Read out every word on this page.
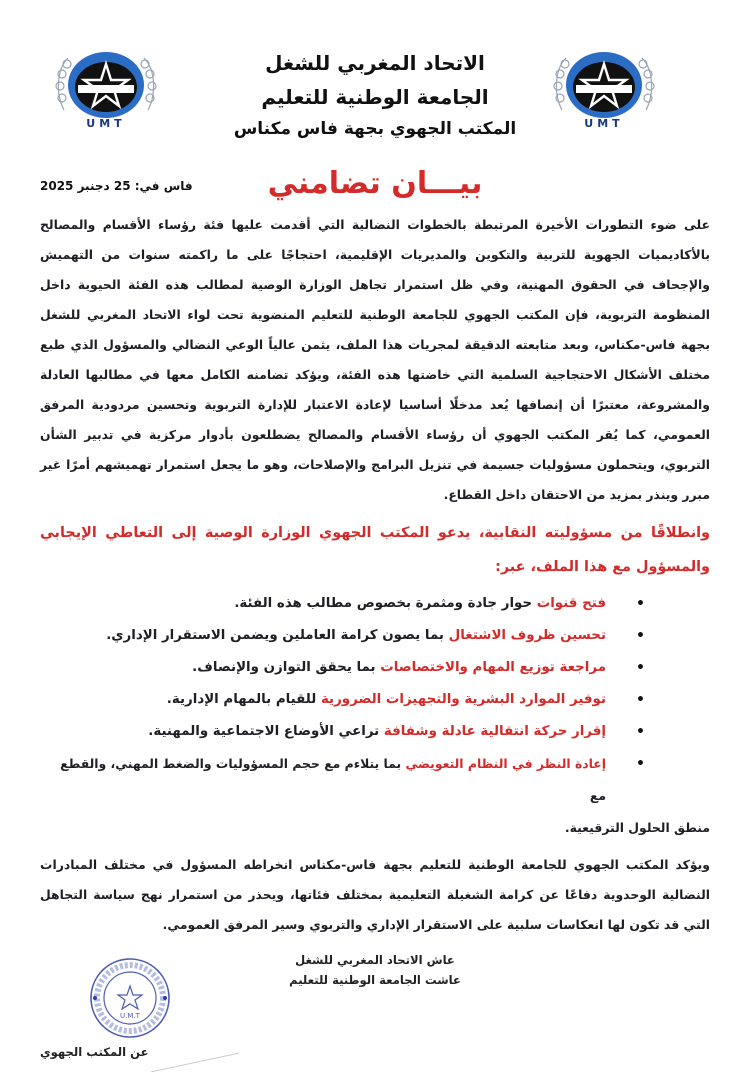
UMT	UMT
الاتحاد المغربي للشغل
الجامعة الوطنية للتعليم
المكتب الجهوي بجهة فاس مكناس
بيـــان تضامني
فاس في: 25 دجنبر 2025

على ضوء التطورات الأخيرة المرتبطة بالخطوات النضالية التي أقدمت عليها فئة رؤساء الأقسام والمصالح بالأكاديميات الجهوية للتربية والتكوين والمديريات الإقليمية، احتجاجًا على ما راكمته سنوات من التهميش والإجحاف في الحقوق المهنية، وفي ظل استمرار تجاهل الوزارة الوصية لمطالب هذه الفئة الحيوية داخل المنظومة التربوية، فإن المكتب الجهوي للجامعة الوطنية للتعليم المنضوية تحت لواء الاتحاد المغربي للشغل بجهة فاس-مكناس، وبعد متابعته الدقيقة لمجريات هذا الملف، يثمن عالياً الوعي النضالي والمسؤول الذي طبع مختلف الأشكال الاحتجاجية السلمية التي خاضتها هذه الفئة، ويؤكد تضامنه الكامل معها في مطالبها العادلة والمشروعة، معتبرًا أن إنصافها يُعد مدخلًا أساسيا لإعادة الاعتبار للإدارة التربوية وتحسين مردودية المرفق العمومي، كما يُقر المكتب الجهوي أن رؤساء الأقسام والمصالح يضطلعون بأدوار مركزية في تدبير الشأن التربوي، ويتحملون مسؤوليات جسيمة في تنزيل البرامج والإصلاحات، وهو ما يجعل استمرار تهميشهم أمرًا غير مبرر وينذر بمزيد من الاحتقان داخل القطاع.

وانطلاقًا من مسؤوليته النقابية، يدعو المكتب الجهوي الوزارة الوصية إلى التعاطي الإيجابي والمسؤول مع هذا الملف، عبر:

•
فتح قنوات حوار جادة ومثمرة بخصوص مطالب هذه الفئة.
•
تحسين ظروف الاشتغال بما يصون كرامة العاملين ويضمن الاستقرار الإداري.
•
مراجعة توزيع المهام والاختصاصات بما يحقق التوازن والإنصاف.
•
توفير الموارد البشرية والتجهيزات الضرورية للقيام بالمهام الإدارية.
•
إقرار حركة انتقالية عادلة وشفافة تراعي الأوضاع الاجتماعية والمهنية.
•
إعادة النظر في النظام التعويضي بما يتلاءم مع حجم المسؤوليات والضغط المهني، والقطع مع
منطق الحلول الترقيعية.

ويؤكد المكتب الجهوي للجامعة الوطنية للتعليم بجهة فاس-مكناس انخراطه المسؤول في مختلف المبادرات النضالية الوحدوية دفاعًا عن كرامة الشغيلة التعليمية بمختلف فئاتها، ويحذر من استمرار نهج سياسة التجاهل التي قد تكون لها انعكاسات سلبية على الاستقرار الإداري والتربوي وسير المرفق العمومي.

عاش الاتحاد المغربي للشغل
عاشت الجامعة الوطنية للتعليم
U.M.T
عن المكتب الجهوي
